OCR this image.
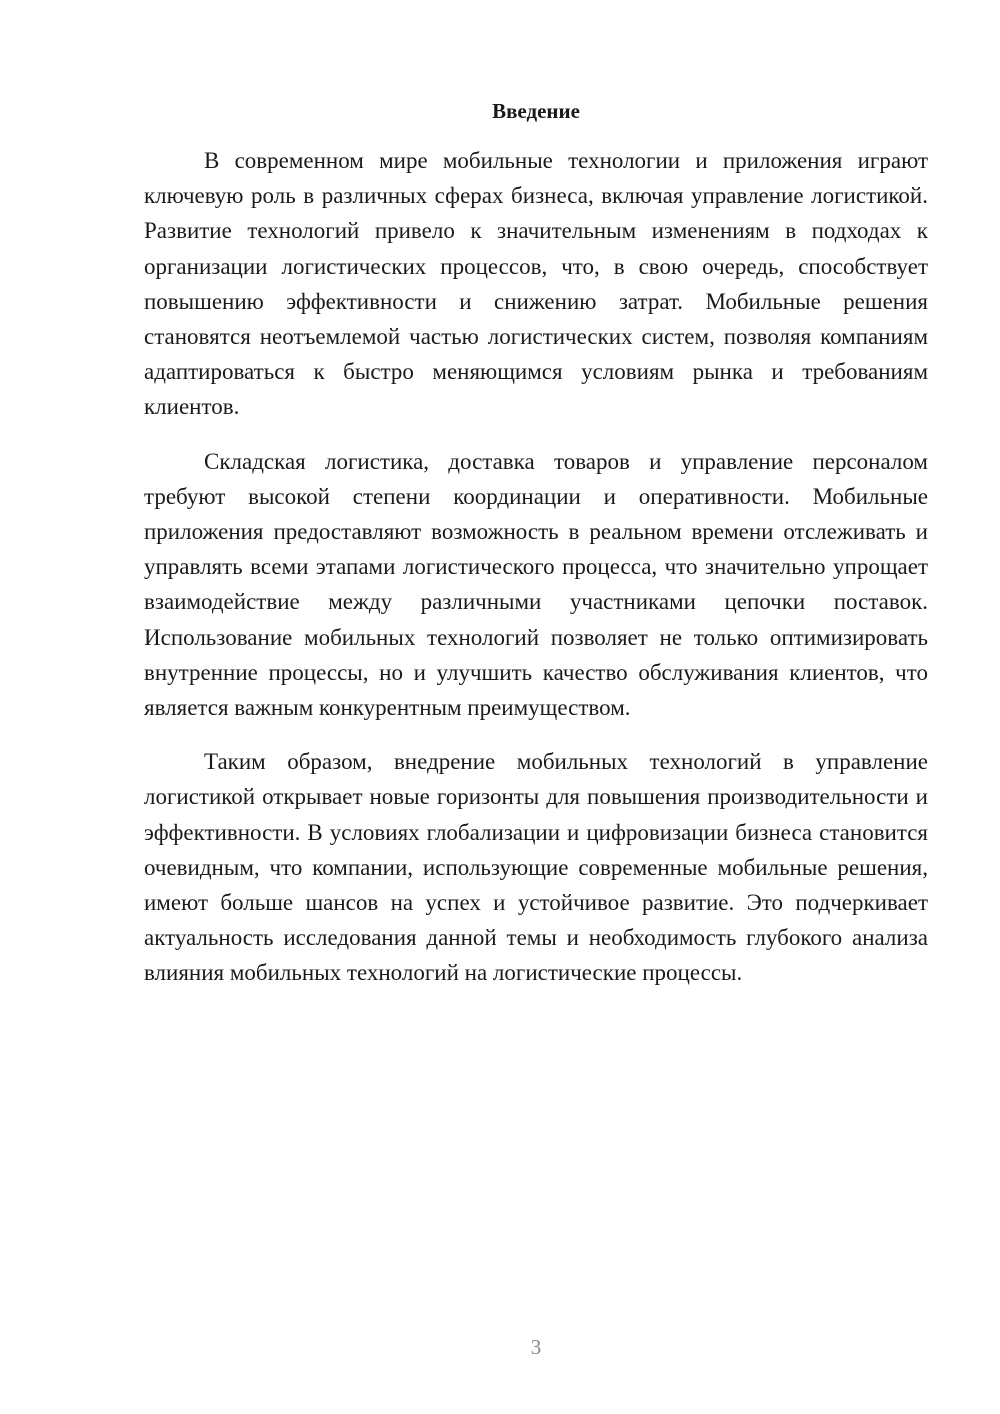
Введение

В современном мире мобильные технологии и приложения играют ключевую роль в различных сферах бизнеса, включая управление логистикой. Развитие технологий привело к значительным изменениям в подходах к организации логистических процессов, что, в свою очередь, способствует повышению эффективности и снижению затрат. Мобильные решения становятся неотъемлемой частью логистических систем, позволяя компаниям адаптироваться к быстро меняющимся условиям рынка и требованиям клиентов.

Складская логистика, доставка товаров и управление персоналом требуют высокой степени координации и оперативности. Мобильные приложения предоставляют возможность в реальном времени отслеживать и управлять всеми этапами логистического процесса, что значительно упрощает взаимодействие между различными участниками цепочки поставок. Использование мобильных технологий позволяет не только оптимизировать внутренние процессы, но и улучшить качество обслуживания клиентов, что является важным конкурентным преимуществом.

Таким образом, внедрение мобильных технологий в управление логистикой открывает новые горизонты для повышения производительности и эффективности. В условиях глобализации и цифровизации бизнеса становится очевидным, что компании, использующие современные мобильные решения, имеют больше шансов на успех и устойчивое развитие. Это подчеркивает актуальность исследования данной темы и необходимость глубокого анализа влияния мобильных технологий на логистические процессы.

3
